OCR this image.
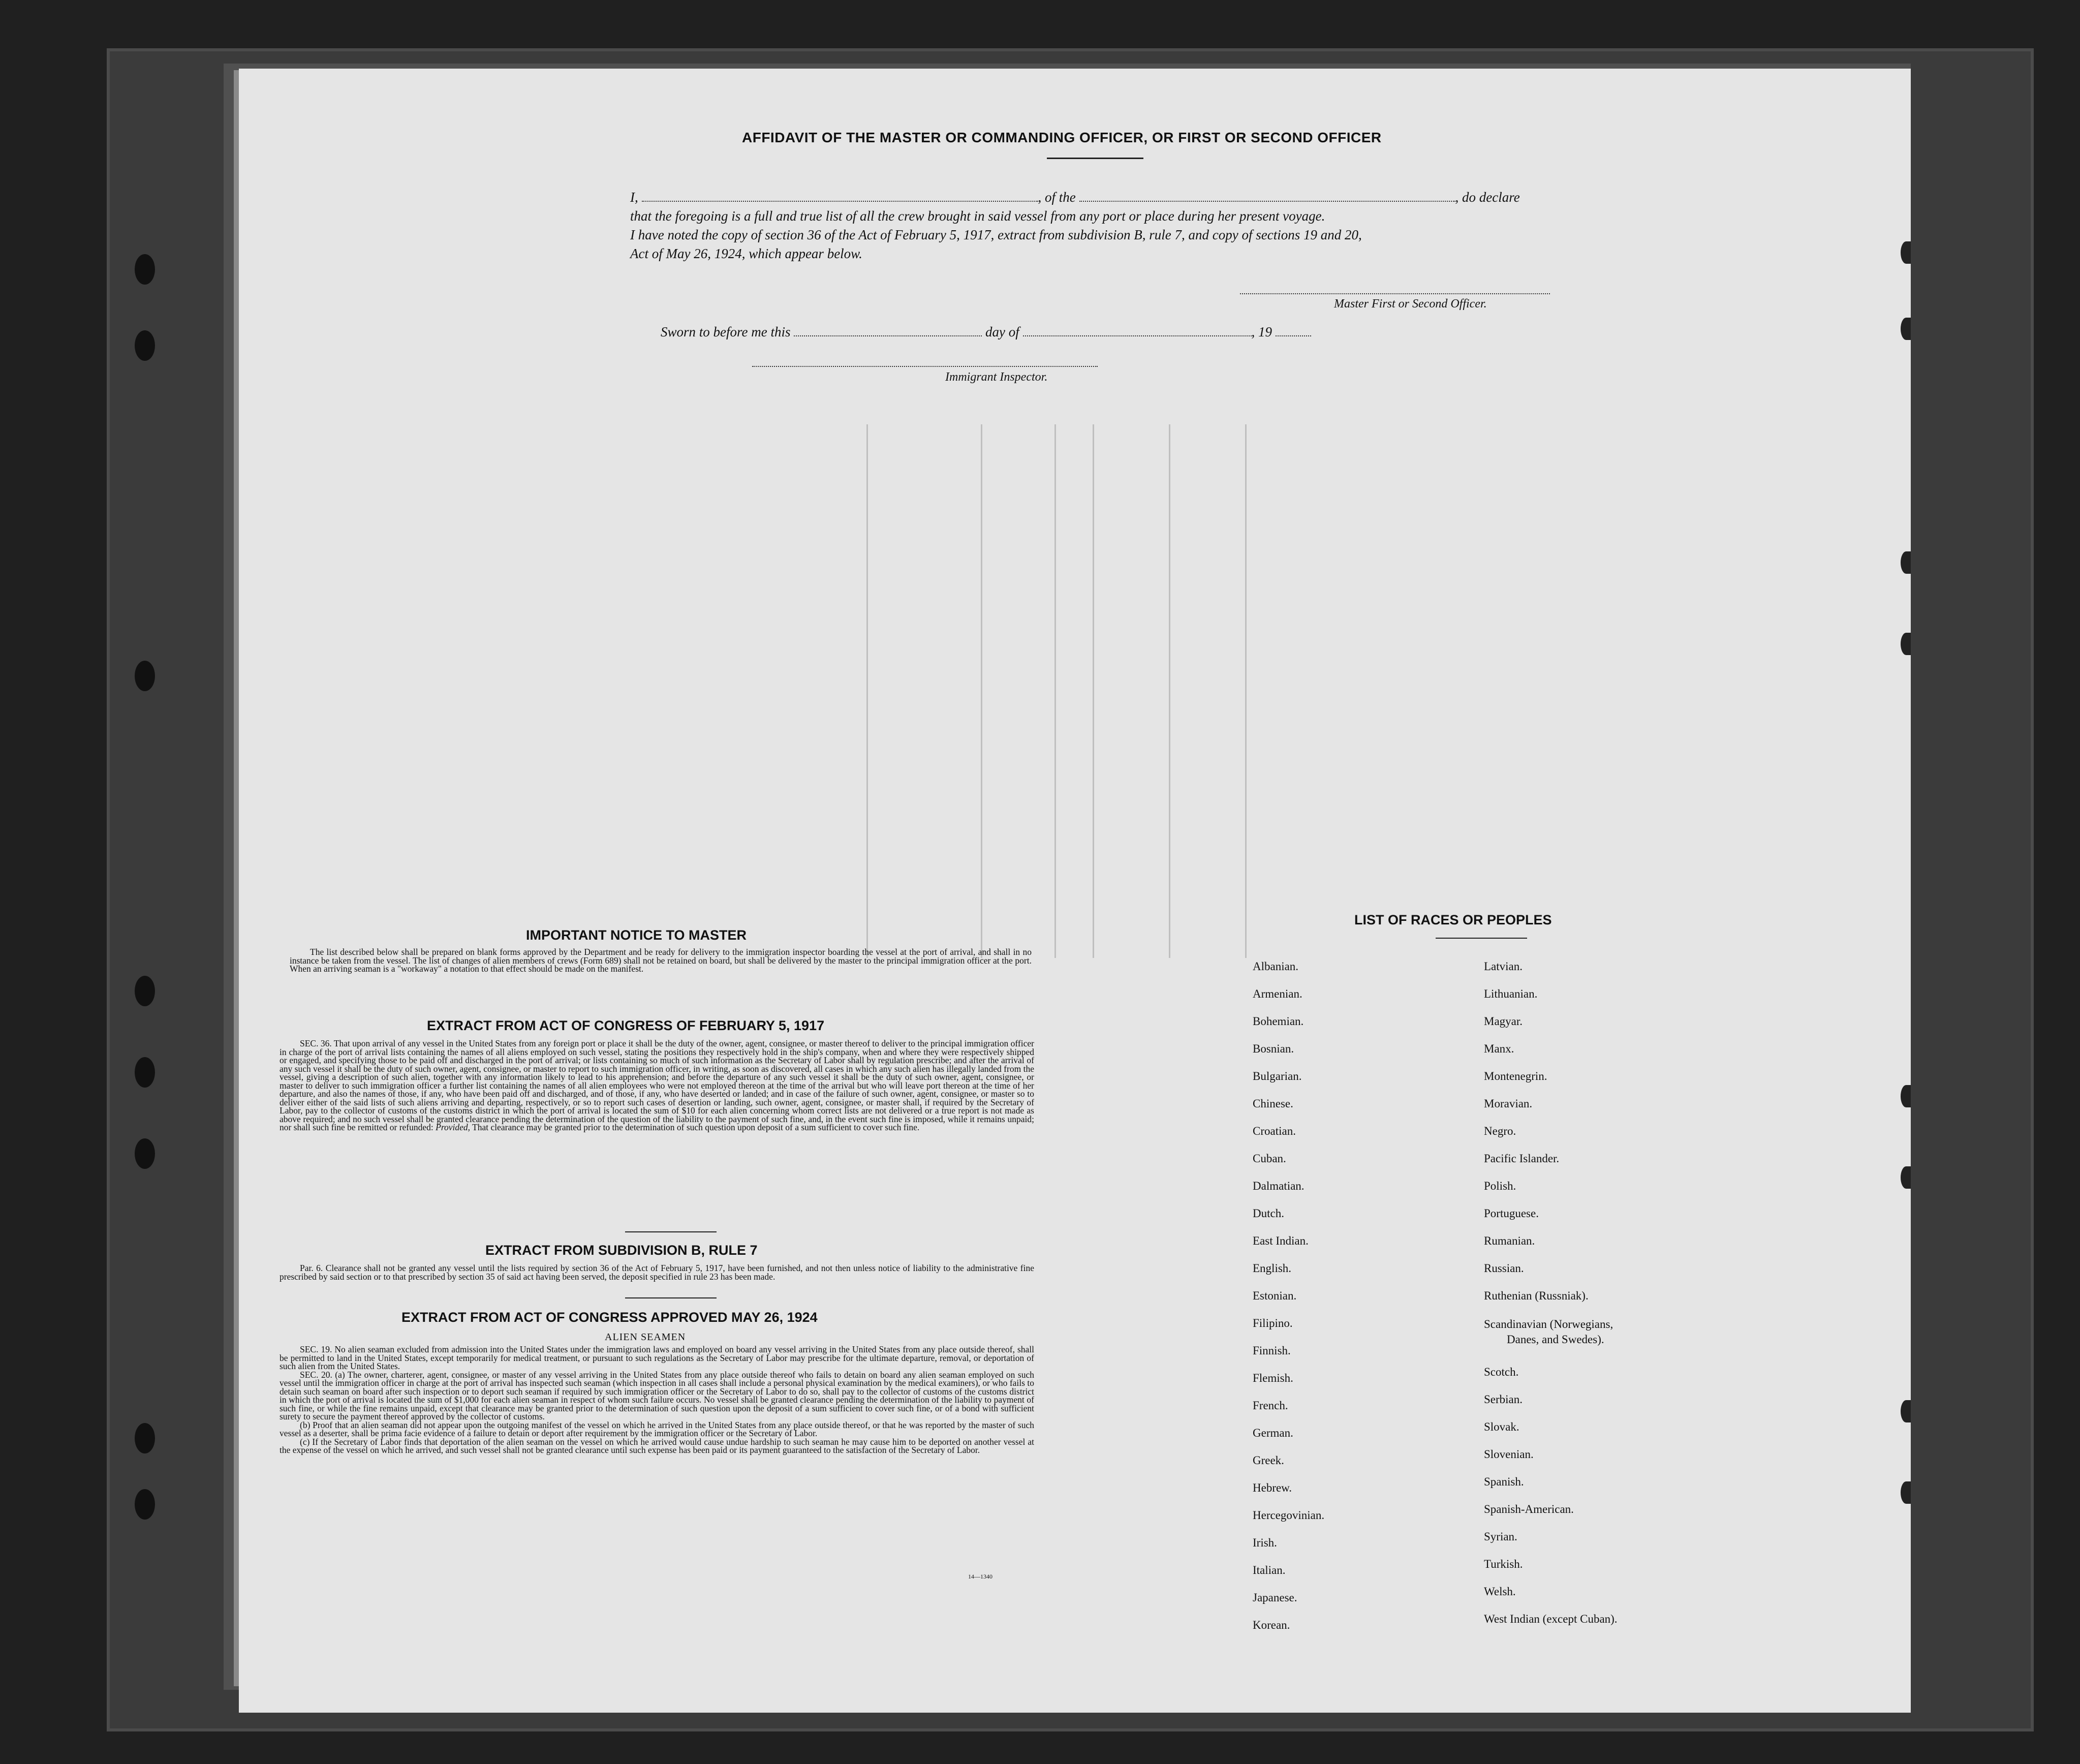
AFFIDAVIT OF THE MASTER OR COMMANDING OFFICER, OR FIRST OR SECOND OFFICER
I,	, of the	, do declare
that the foregoing is a full and true list of all the crew brought in said vessel from any port or place during her present voyage.
I have noted the copy of section 36 of the Act of February 5, 1917, extract from subdivision B, rule 7, and copy of sections 19 and 20,
Act of May 26, 1924, which appear below.
Master First or Second Officer.
Sworn to before me this	day of	, 19
Immigrant Inspector.
IMPORTANT NOTICE TO MASTER

The list described below shall be prepared on blank forms approved by the Department and be ready for delivery to the immigration inspector boarding the vessel at the port of arrival, and shall in no instance be taken from the vessel. The list of changes of alien members of crews (Form 689) shall not be retained on board, but shall be delivered by the master to the principal immigration officer at the port. When an arriving seaman is a "workaway" a notation to that effect should be made on the manifest.

EXTRACT FROM ACT OF CONGRESS OF FEBRUARY 5, 1917

SEC. 36. That upon arrival of any vessel in the United States from any foreign port or place it shall be the duty of the owner, agent, consignee, or master thereof to deliver to the principal immigration officer in charge of the port of arrival lists containing the names of all aliens employed on such vessel, stating the positions they respectively hold in the ship's company, when and where they were respectively shipped or engaged, and specifying those to be paid off and discharged in the port of arrival; or lists containing so much of such information as the Secretary of Labor shall by regulation prescribe; and after the arrival of any such vessel it shall be the duty of such owner, agent, consignee, or master to report to such immigration officer, in writing, as soon as discovered, all cases in which any such alien has illegally landed from the vessel, giving a description of such alien, together with any information likely to lead to his apprehension; and before the departure of any such vessel it shall be the duty of such owner, agent, consignee, or master to deliver to such immigration officer a further list containing the names of all alien employees who were not employed thereon at the time of the arrival but who will leave port thereon at the time of her departure, and also the names of those, if any, who have been paid off and discharged, and of those, if any, who have deserted or landed; and in case of the failure of such owner, agent, consignee, or master so to deliver either of the said lists of such aliens arriving and departing, respectively, or so to report such cases of desertion or landing, such owner, agent, consignee, or master shall, if required by the Secretary of Labor, pay to the collector of customs of the customs district in which the port of arrival is located the sum of $10 for each alien concerning whom correct lists are not delivered or a true report is not made as above required; and no such vessel shall be granted clearance pending the determination of the question of the liability to the payment of such fine, and, in the event such fine is imposed, while it remains unpaid; nor shall such fine be remitted or refunded: Provided, That clearance may be granted prior to the determination of such question upon deposit of a sum sufficient to cover such fine.

EXTRACT FROM SUBDIVISION B, RULE 7

Par. 6. Clearance shall not be granted any vessel until the lists required by section 36 of the Act of February 5, 1917, have been furnished, and not then unless notice of liability to the administrative fine prescribed by said section or to that prescribed by section 35 of said act having been served, the deposit specified in rule 23 has been made.

EXTRACT FROM ACT OF CONGRESS APPROVED MAY 26, 1924
ALIEN SEAMEN

SEC. 19. No alien seaman excluded from admission into the United States under the immigration laws and employed on board any vessel arriving in the United States from any place outside thereof, shall be permitted to land in the United States, except temporarily for medical treatment, or pursuant to such regulations as the Secretary of Labor may prescribe for the ultimate departure, removal, or deportation of such alien from the United States.

SEC. 20. (a) The owner, charterer, agent, consignee, or master of any vessel arriving in the United States from any place outside thereof who fails to detain on board any alien seaman employed on such vessel until the immigration officer in charge at the port of arrival has inspected such seaman (which inspection in all cases shall include a personal physical examination by the medical examiners), or who fails to detain such seaman on board after such inspection or to deport such seaman if required by such immigration officer or the Secretary of Labor to do so, shall pay to the collector of customs of the customs district in which the port of arrival is located the sum of $1,000 for each alien seaman in respect of whom such failure occurs. No vessel shall be granted clearance pending the determination of the liability to payment of such fine, or while the fine remains unpaid, except that clearance may be granted prior to the determination of such question upon the deposit of a sum sufficient to cover such fine, or of a bond with sufficient surety to secure the payment thereof approved by the collector of customs.

(b) Proof that an alien seaman did not appear upon the outgoing manifest of the vessel on which he arrived in the United States from any place outside thereof, or that he was reported by the master of such vessel as a deserter, shall be prima facie evidence of a failure to detain or deport after requirement by the immigration officer or the Secretary of Labor.

(c) If the Secretary of Labor finds that deportation of the alien seaman on the vessel on which he arrived would cause undue hardship to such seaman he may cause him to be deported on another vessel at the expense of the vessel on which he arrived, and such vessel shall not be granted clearance until such expense has been paid or its payment guaranteed to the satisfaction of the Secretary of Labor.

14—1340
LIST OF RACES OR PEOPLES
Albanian.
Armenian.
Bohemian.
Bosnian.
Bulgarian.
Chinese.
Croatian.
Cuban.
Dalmatian.
Dutch.
East Indian.
English.
Estonian.
Filipino.
Finnish.
Flemish.
French.
German.
Greek.
Hebrew.
Hercegovinian.
Irish.
Italian.
Japanese.
Korean.
Latvian.
Lithuanian.
Magyar.
Manx.
Montenegrin.
Moravian.
Negro.
Pacific Islander.
Polish.
Portuguese.
Rumanian.
Russian.
Ruthenian (Russniak).
Scandinavian (Norwegians,
Danes, and Swedes).
Scotch.
Serbian.
Slovak.
Slovenian.
Spanish.
Spanish-American.
Syrian.
Turkish.
Welsh.
West Indian (except Cuban).
